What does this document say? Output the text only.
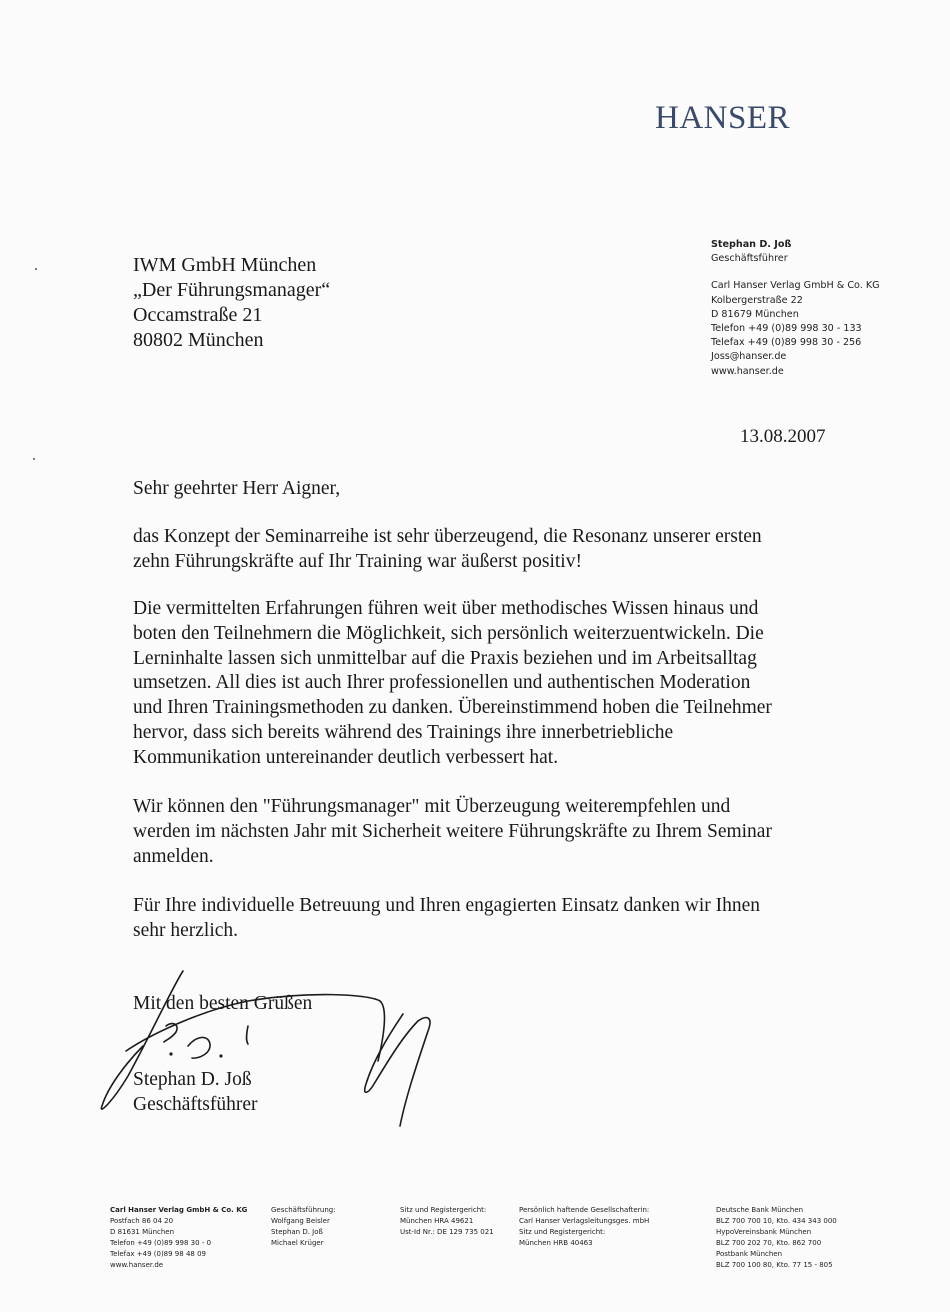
HANSER
Stephan D. Joß
Geschäftsführer
Carl Hanser Verlag GmbH & Co. KG
Kolbergerstraße 22
D 81679 München
Telefon +49 (0)89 998 30 - 133
Telefax +49 (0)89 998 30 - 256
Joss@hanser.de
www.hanser.de
IWM GmbH München
„Der Führungsmanager“
Occamstraße 21
80802 München
13.08.2007
Sehr geehrter Herr Aigner,
das Konzept der Seminarreihe ist sehr überzeugend, die Resonanz unserer ersten
zehn Führungskräfte auf Ihr Training war äußerst positiv!
Die vermittelten Erfahrungen führen weit über methodisches Wissen hinaus und
boten den Teilnehmern die Möglichkeit, sich persönlich weiterzuentwickeln. Die
Lerninhalte lassen sich unmittelbar auf die Praxis beziehen und im Arbeitsalltag
umsetzen. All dies ist auch Ihrer professionellen und authentischen Moderation
und Ihren Trainingsmethoden zu danken. Übereinstimmend hoben die Teilnehmer
hervor, dass sich bereits während des Trainings ihre innerbetriebliche
Kommunikation untereinander deutlich verbessert hat.
Wir können den "Führungsmanager" mit Überzeugung weiterempfehlen und
werden im nächsten Jahr mit Sicherheit weitere Führungskräfte zu Ihrem Seminar
anmelden.
Für Ihre individuelle Betreuung und Ihren engagierten Einsatz danken wir Ihnen
sehr herzlich.
Mit den besten Grüßen
Stephan D. Joß
Geschäftsführer
Carl Hanser Verlag GmbH & Co. KG
Postfach 86 04 20
D 81631 München
Telefon +49 (0)89 998 30 - 0
Telefax +49 (0)89 98 48 09
www.hanser.de
Geschäftsführung:
Wolfgang Beisler
Stephan D. Joß
Michael Krüger
Sitz und Registergericht:
München HRA 49621
Ust-Id Nr.: DE 129 735 021
Persönlich haftende Gesellschafterin:
Carl Hanser Verlagsleitungsges. mbH
Sitz und Registergericht:
München HRB 40463
Deutsche Bank München
BLZ 700 700 10, Kto. 434 343 000
HypoVereinsbank München
BLZ 700 202 70, Kto. 862 700
Postbank München
BLZ 700 100 80, Kto. 77 15 - 805
